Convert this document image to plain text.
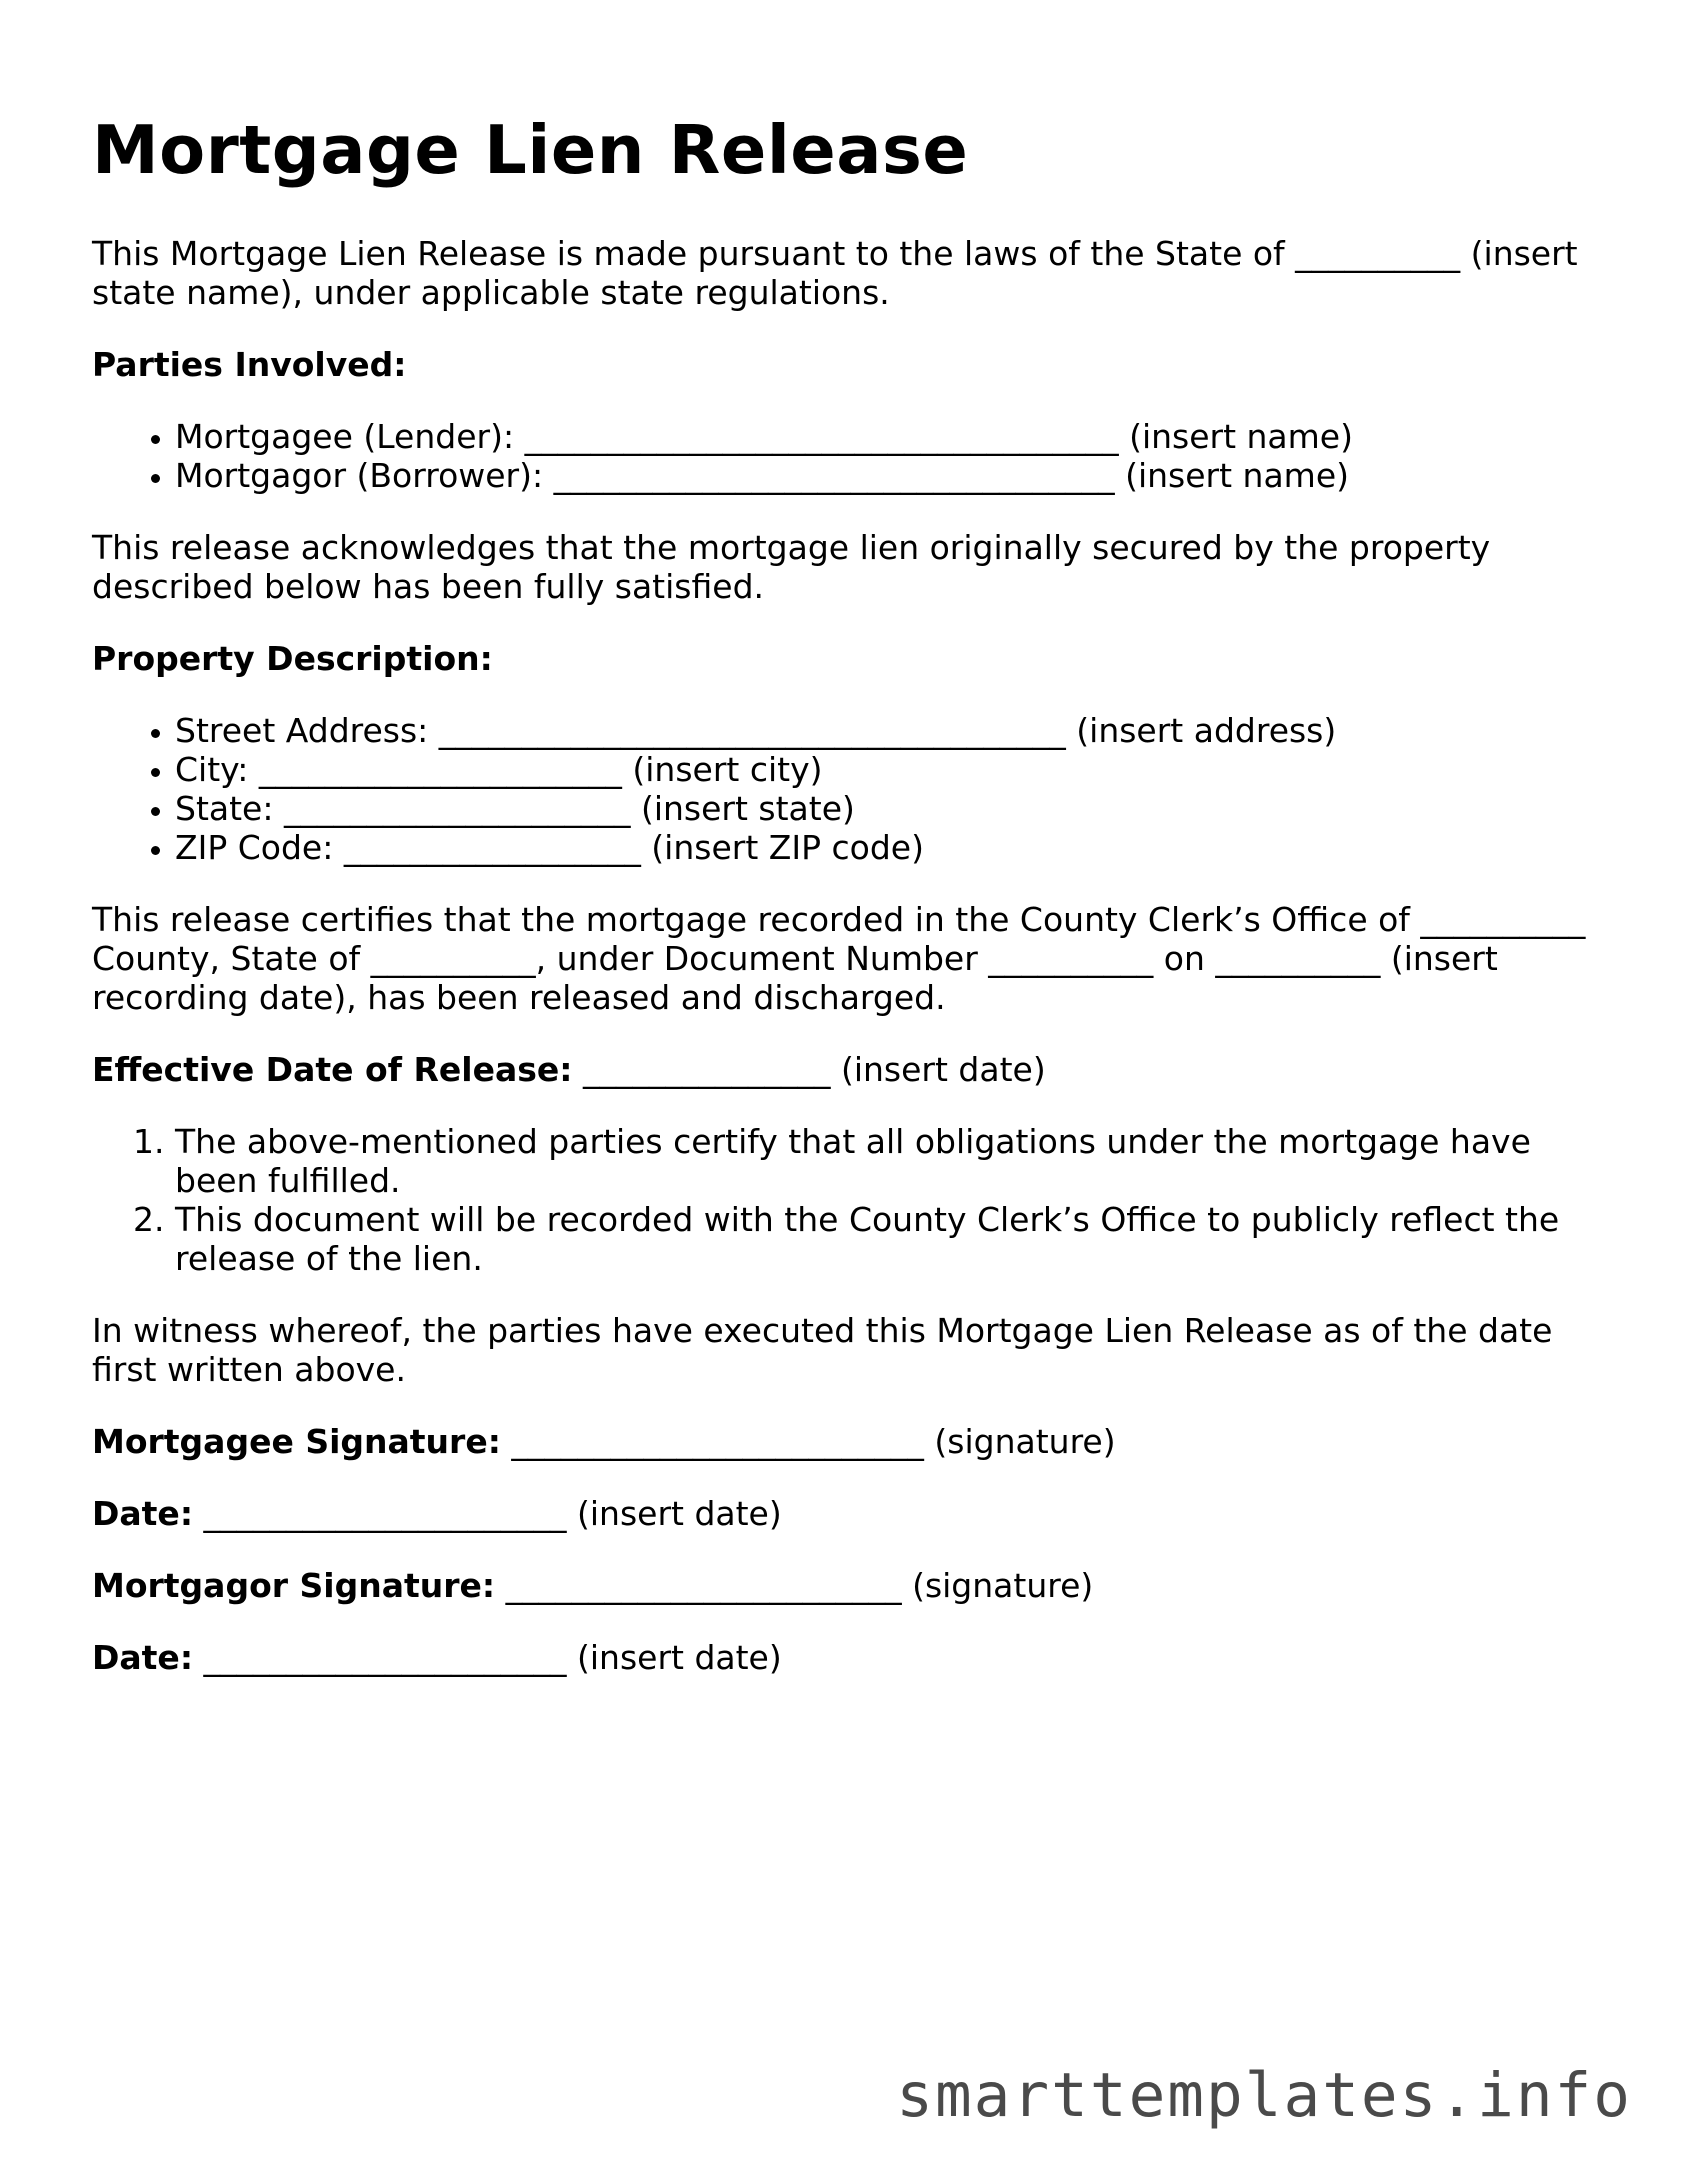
Mortgage Lien Release

This Mortgage Lien Release is made pursuant to the laws of the State of __________ (insert state name), under applicable state regulations.

Parties Involved:

• Mortgagee (Lender): ____________________________________ (insert name)
• Mortgagor (Borrower): __________________________________ (insert name)

This release acknowledges that the mortgage lien originally secured by the property described below has been fully satisfied.

Property Description:

• Street Address: ______________________________________ (insert address)
• City: ______________________ (insert city)
• State: _____________________ (insert state)
• ZIP Code: __________________ (insert ZIP code)

This release certifies that the mortgage recorded in the County Clerk’s Office of __________ County, State of __________, under Document Number __________ on __________ (insert recording date), has been released and discharged.

Effective Date of Release: _______________ (insert date)

1. The above-mentioned parties certify that all obligations under the mortgage have been fulfilled.
2. This document will be recorded with the County Clerk’s Office to publicly reflect the release of the lien.

In witness whereof, the parties have executed this Mortgage Lien Release as of the date first written above.

Mortgagee Signature: _________________________ (signature)

Date: ______________________ (insert date)

Mortgagor Signature: ________________________ (signature)

Date: ______________________ (insert date)

smarttemplates.info
